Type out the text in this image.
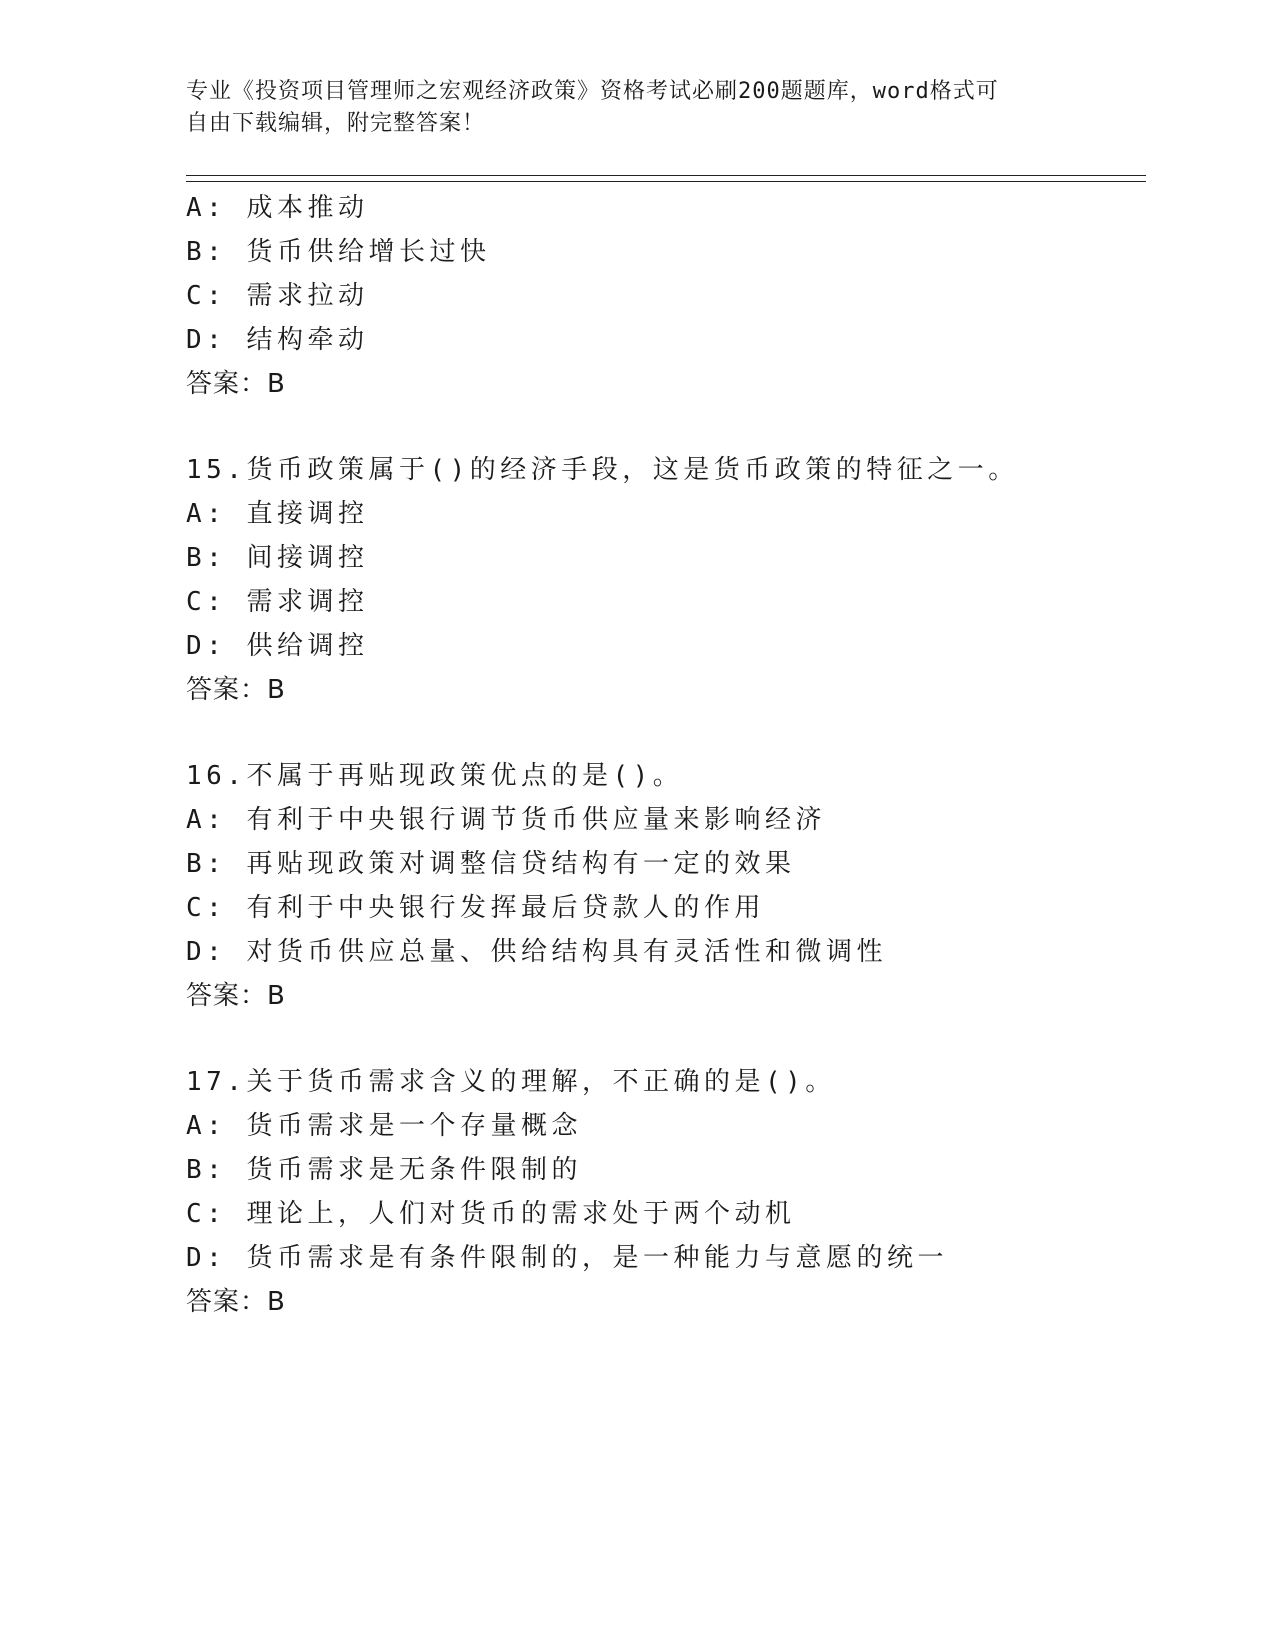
专业《投资项目管理师之宏观经济政策》资格考试必刷200题题库，word格式可
自由下载编辑，附完整答案！
A: 成本推动
B: 货币供给增长过快
C: 需求拉动
D: 结构牵动
答案：B
15.货币政策属于()的经济手段，这是货币政策的特征之一。
A: 直接调控
B: 间接调控
C: 需求调控
D: 供给调控
答案：B
16.不属于再贴现政策优点的是()。
A: 有利于中央银行调节货币供应量来影响经济
B: 再贴现政策对调整信贷结构有一定的效果
C: 有利于中央银行发挥最后贷款人的作用
D: 对货币供应总量、供给结构具有灵活性和微调性
答案：B
17.关于货币需求含义的理解，不正确的是()。
A: 货币需求是一个存量概念
B: 货币需求是无条件限制的
C: 理论上，人们对货币的需求处于两个动机
D: 货币需求是有条件限制的，是一种能力与意愿的统一
答案：B
